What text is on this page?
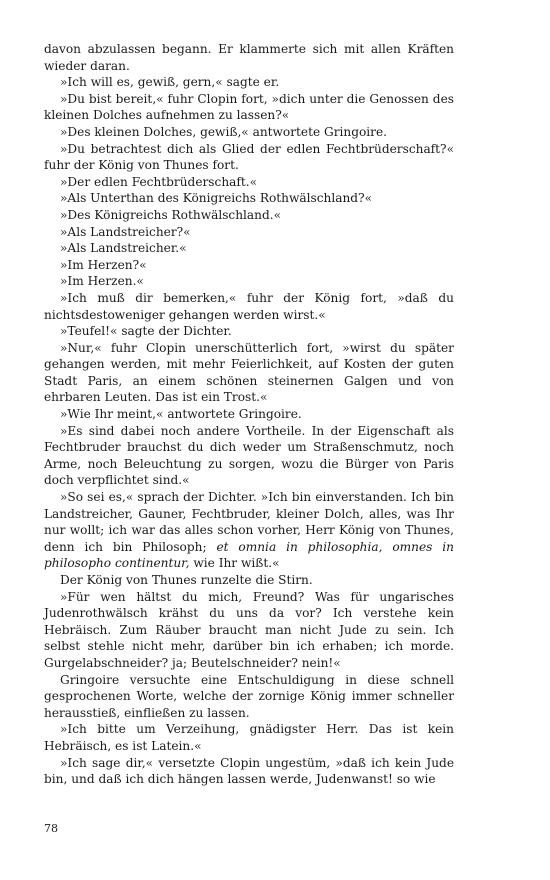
davon abzulassen begann. Er klammerte sich mit allen Kräften wieder daran.

»Ich will es, gewiß, gern,« sagte er.

»Du bist bereit,« fuhr Clopin fort, »dich unter die Genossen des kleinen Dolches aufnehmen zu lassen?«

»Des kleinen Dolches, gewiß,« antwortete Gringoire.

»Du betrachtest dich als Glied der edlen Fechtbrüderschaft?« fuhr der König von Thunes fort.

»Der edlen Fechtbrüderschaft.«

»Als Unterthan des Königreichs Rothwälschland?«

»Des Königreichs Rothwälschland.«

»Als Landstreicher?«

»Als Landstreicher.«

»Im Herzen?«

»Im Herzen.«

»Ich muß dir bemerken,« fuhr der König fort, »daß du nichtsdestoweniger gehangen werden wirst.«

»Teufel!« sagte der Dichter.

»Nur,« fuhr Clopin unerschütterlich fort, »wirst du später gehangen werden, mit mehr Feierlichkeit, auf Kosten der guten Stadt Paris, an einem schönen steinernen Galgen und von ehrbaren Leuten. Das ist ein Trost.«

»Wie Ihr meint,« antwortete Gringoire.

»Es sind dabei noch andere Vortheile. In der Eigenschaft als Fechtbruder brauchst du dich weder um Straßenschmutz, noch Arme, noch Beleuchtung zu sorgen, wozu die Bürger von Paris doch verpflichtet sind.«

»So sei es,« sprach der Dichter. »Ich bin einverstanden. Ich bin Landstreicher, Gauner, Fechtbruder, kleiner Dolch, alles, was Ihr nur wollt; ich war das alles schon vorher, Herr König von Thunes, denn ich bin Philosoph; et omnia in philosophia, omnes in philosopho continentur, wie Ihr wißt.«

Der König von Thunes runzelte die Stirn.

»Für wen hältst du mich, Freund? Was für ungarisches Judenrothwälsch krähst du uns da vor? Ich verstehe kein Hebräisch. Zum Räuber braucht man nicht Jude zu sein. Ich selbst stehle nicht mehr, darüber bin ich erhaben; ich morde. Gurgelabschneider? ja; Beutelschneider? nein!«

Gringoire versuchte eine Entschuldigung in diese schnell gesprochenen Worte, welche der zornige König immer schneller herausstieß, einfließen zu lassen.

»Ich bitte um Verzeihung, gnädigster Herr. Das ist kein Hebräisch, es ist Latein.«

»Ich sage dir,« versetzte Clopin ungestüm, »daß ich kein Jude bin, und daß ich dich hängen lassen werde, Judenwanst! so wie

78
